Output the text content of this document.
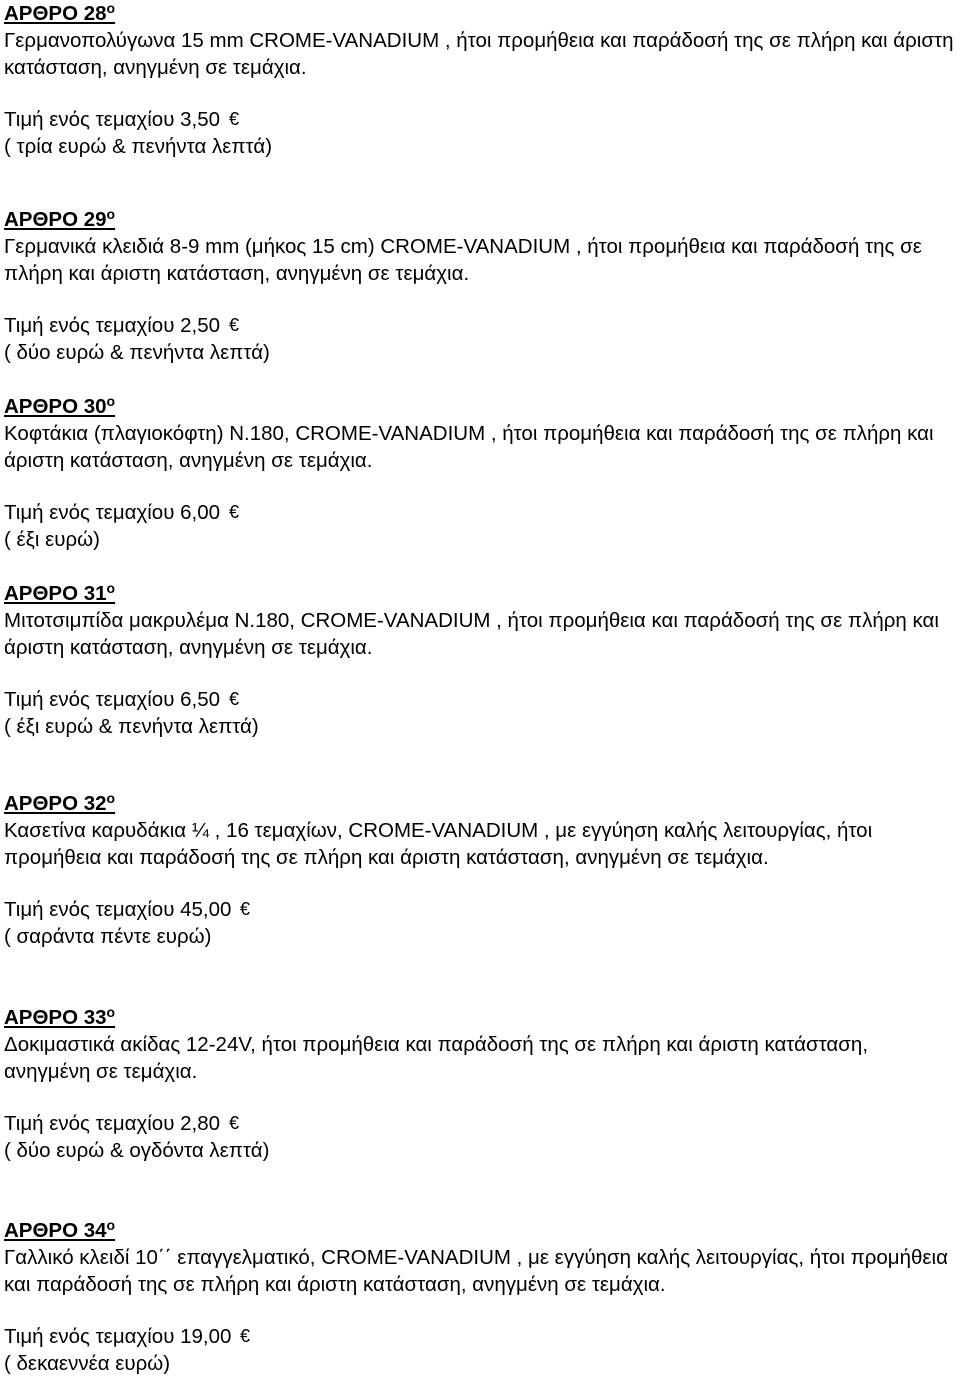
ΑΡΘΡΟ $28^o$

Γερμανοπολύγωνα 15 mm CROME-VANADIUM , ήτοι προμήθεια και παράδοσή της σε πλήρη και άριστη κατάσταση, ανηγμένη σε τεμάχια.

Τιμή ενός τεμαχίου 3,50 €
( τρία ευρώ & πενήντα λεπτά)
ΑΡΘΡΟ $29^o$

Γερμανικά κλειδιά 8-9 mm (μήκος 15 cm) CROME-VANADIUM , ήτοι προμήθεια και παράδοσή της σε πλήρη και άριστη κατάσταση, ανηγμένη σε τεμάχια.

Τιμή ενός τεμαχίου 2,50 €
( δύο ευρώ & πενήντα λεπτά)
ΑΡΘΡΟ $30^o$

Κοφτάκια (πλαγιοκόφτη) Ν.180, CROME-VANADIUM , ήτοι προμήθεια και παράδοσή της σε πλήρη και άριστη κατάσταση, ανηγμένη σε τεμάχια.

Τιμή ενός τεμαχίου 6,00 €
( έξι ευρώ)
ΑΡΘΡΟ $31^o$

Μιτοτσιμπίδα μακρυλέμα Ν.180, CROME-VANADIUM , ήτοι προμήθεια και παράδοσή της σε πλήρη και άριστη κατάσταση, ανηγμένη σε τεμάχια.

Τιμή ενός τεμαχίου 6,50 €
( έξι ευρώ & πενήντα λεπτά)
ΑΡΘΡΟ $32^o$

Κασετίνα καρυδάκια ¼ , 16 τεμαχίων, CROME-VANADIUM , με εγγύηση καλής λειτουργίας, ήτοι προμήθεια και παράδοσή της σε πλήρη και άριστη κατάσταση, ανηγμένη σε τεμάχια.

Τιμή ενός τεμαχίου 45,00 €
( σαράντα πέντε ευρώ)
ΑΡΘΡΟ $33^o$

Δοκιμαστικά ακίδας 12-24V, ήτοι προμήθεια και παράδοσή της σε πλήρη και άριστη κατάσταση, ανηγμένη σε τεμάχια.

Τιμή ενός τεμαχίου 2,80 €
( δύο ευρώ & ογδόντα λεπτά)
ΑΡΘΡΟ $34^o$

Γαλλικό κλειδί 10΄΄ επαγγελματικό, CROME-VANADIUM , με εγγύηση καλής λειτουργίας, ήτοι προμήθεια και παράδοσή της σε πλήρη και άριστη κατάσταση, ανηγμένη σε τεμάχια.

Τιμή ενός τεμαχίου 19,00 €
( δεκαεννέα ευρώ)
